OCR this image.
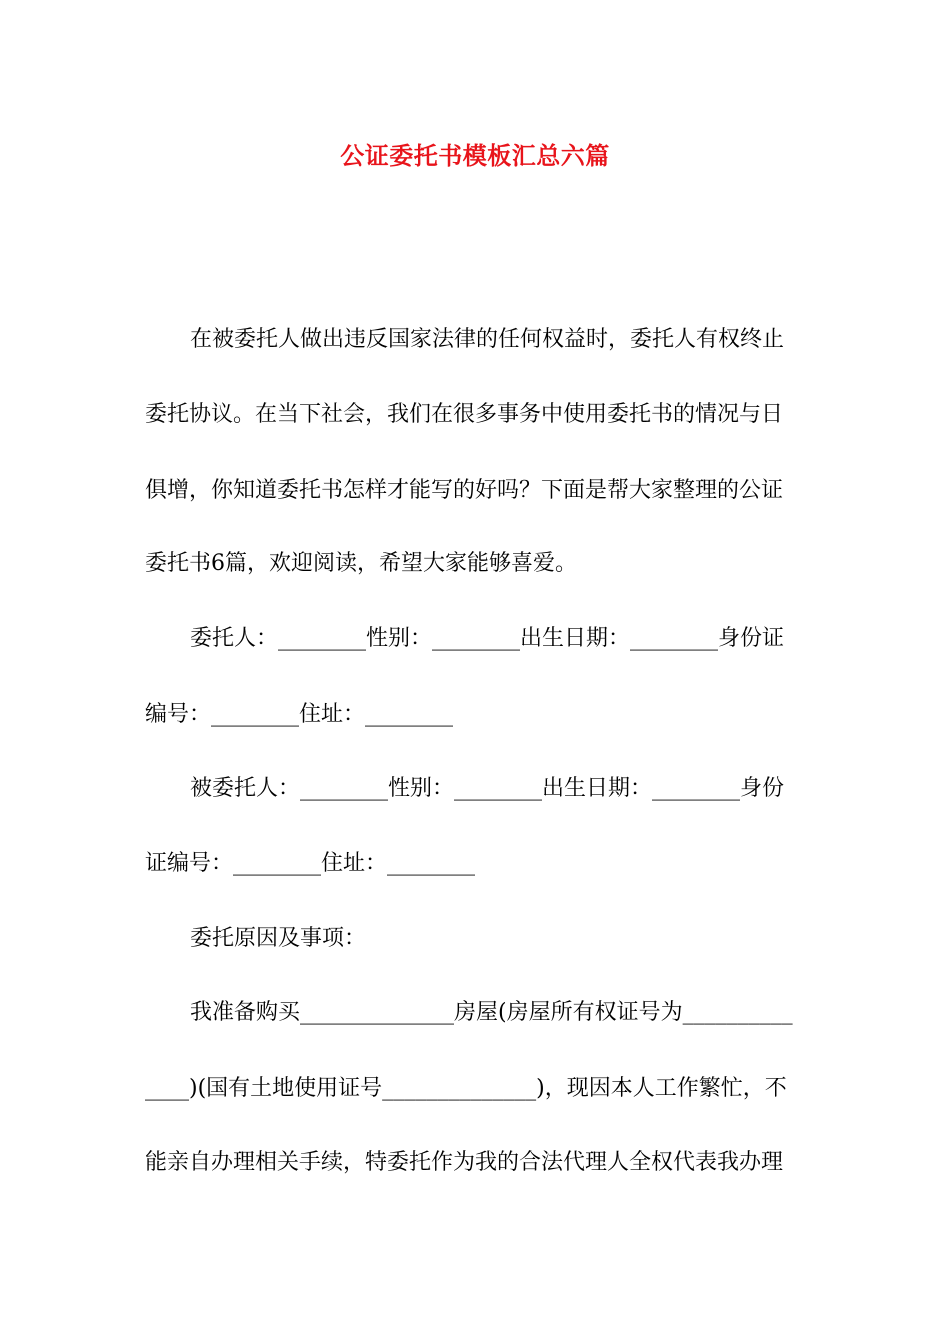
公证委托书模板汇总六篇
在被委托人做出违反国家法律的任何权益时，委托人有权终止
委托协议。在当下社会，我们在很多事务中使用委托书的情况与日
俱增，你知道委托书怎样才能写的好吗？下面是帮大家整理的公证
委托书6篇，欢迎阅读，希望大家能够喜爱。
委托人：________性别：________出生日期：________身份证
编号：________住址：________
被委托人：________性别：________出生日期：________身份
证编号：________住址：________
委托原因及事项：
我准备购买______________房屋(房屋所有权证号为__________
____)(国有土地使用证号______________)，现因本人工作繁忙，不
能亲自办理相关手续，特委托作为我的合法代理人全权代表我办理
